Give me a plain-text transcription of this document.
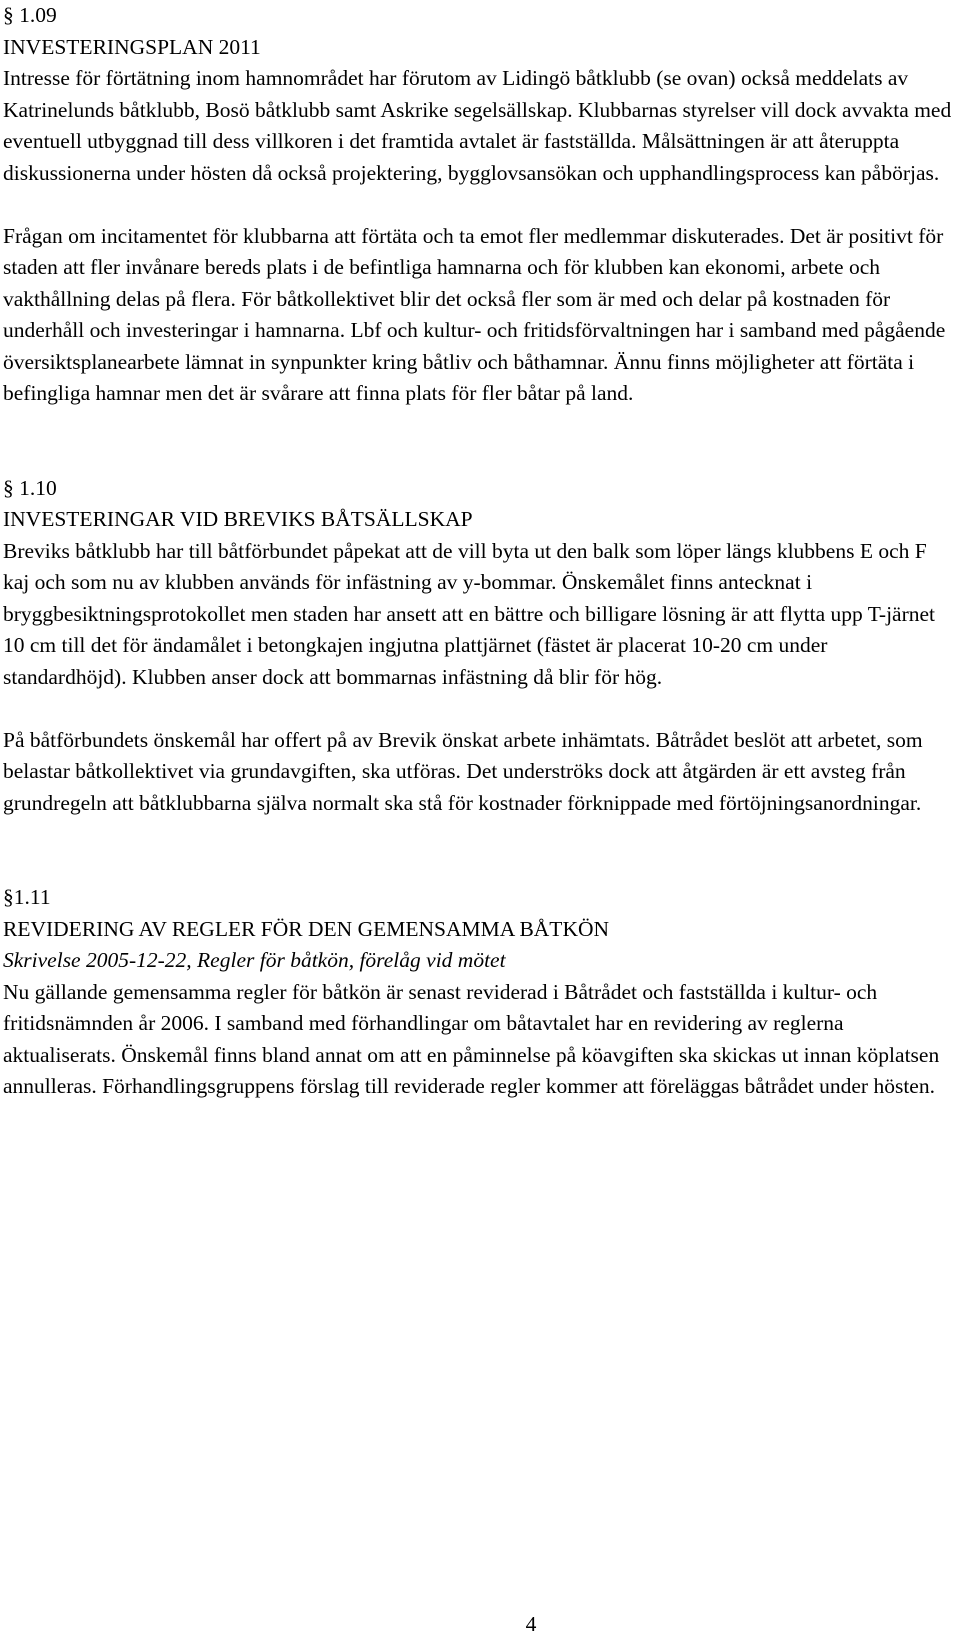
§ 1.09
INVESTERINGSPLAN 2011

Intresse för förtätning inom hamnområdet har förutom av Lidingö båtklubb (se ovan) också meddelats av Katrinelunds båtklubb, Bosö båtklubb samt Askrike segelsällskap. Klubbarnas styrelser vill dock avvakta med eventuell utbyggnad till dess villkoren i det framtida avtalet är fastställda. Målsättningen är att återuppta diskussionerna under hösten då också projektering, bygglovsansökan och upphandlingsprocess kan påbörjas.

Frågan om incitamentet för klubbarna att förtäta och ta emot fler medlemmar diskuterades. Det är positivt för staden att fler invånare bereds plats i de befintliga hamnarna och för klubben kan ekonomi, arbete och vakthållning delas på flera. För båtkollektivet blir det också fler som är med och delar på kostnaden för underhåll och investeringar i hamnarna. Lbf och kultur- och fritidsförvaltningen har i samband med pågående översiktsplanearbete lämnat in synpunkter kring båtliv och båthamnar. Ännu finns möjligheter att förtäta i befingliga hamnar men det är svårare att finna plats för fler båtar på land.

§ 1.10
INVESTERINGAR VID BREVIKS BÅTSÄLLSKAP

Breviks båtklubb har till båtförbundet påpekat att de vill byta ut den balk som löper längs klubbens E och F kaj och som nu av klubben används för infästning av y-bommar. Önskemålet finns antecknat i bryggbesiktningsprotokollet men staden har ansett att en bättre och billigare lösning är att flytta upp T-järnet 10 cm till det för ändamålet i betongkajen ingjutna plattjärnet (fästet är placerat 10-20 cm under standardhöjd). Klubben anser dock att bommarnas infästning då blir för hög.

På båtförbundets önskemål har offert på av Brevik önskat arbete inhämtats. Båtrådet beslöt att arbetet, som belastar båtkollektivet via grundavgiften, ska utföras. Det underströks dock att åtgärden är ett avsteg från grundregeln att båtklubbarna själva normalt ska stå för kostnader förknippade med förtöjningsanordningar.

§1.11
REVIDERING AV REGLER FÖR DEN GEMENSAMMA BÅTKÖN
Skrivelse 2005-12-22, Regler för båtkön, förelåg vid mötet

Nu gällande gemensamma regler för båtkön är senast reviderad i Båtrådet och fastställda i kultur- och fritidsnämnden år 2006. I samband med förhandlingar om båtavtalet har en revidering av reglerna aktualiserats. Önskemål finns bland annat om att en påminnelse på köavgiften ska skickas ut innan köplatsen annulleras. Förhandlingsgruppens förslag till reviderade regler kommer att föreläggas båtrådet under hösten.

4
